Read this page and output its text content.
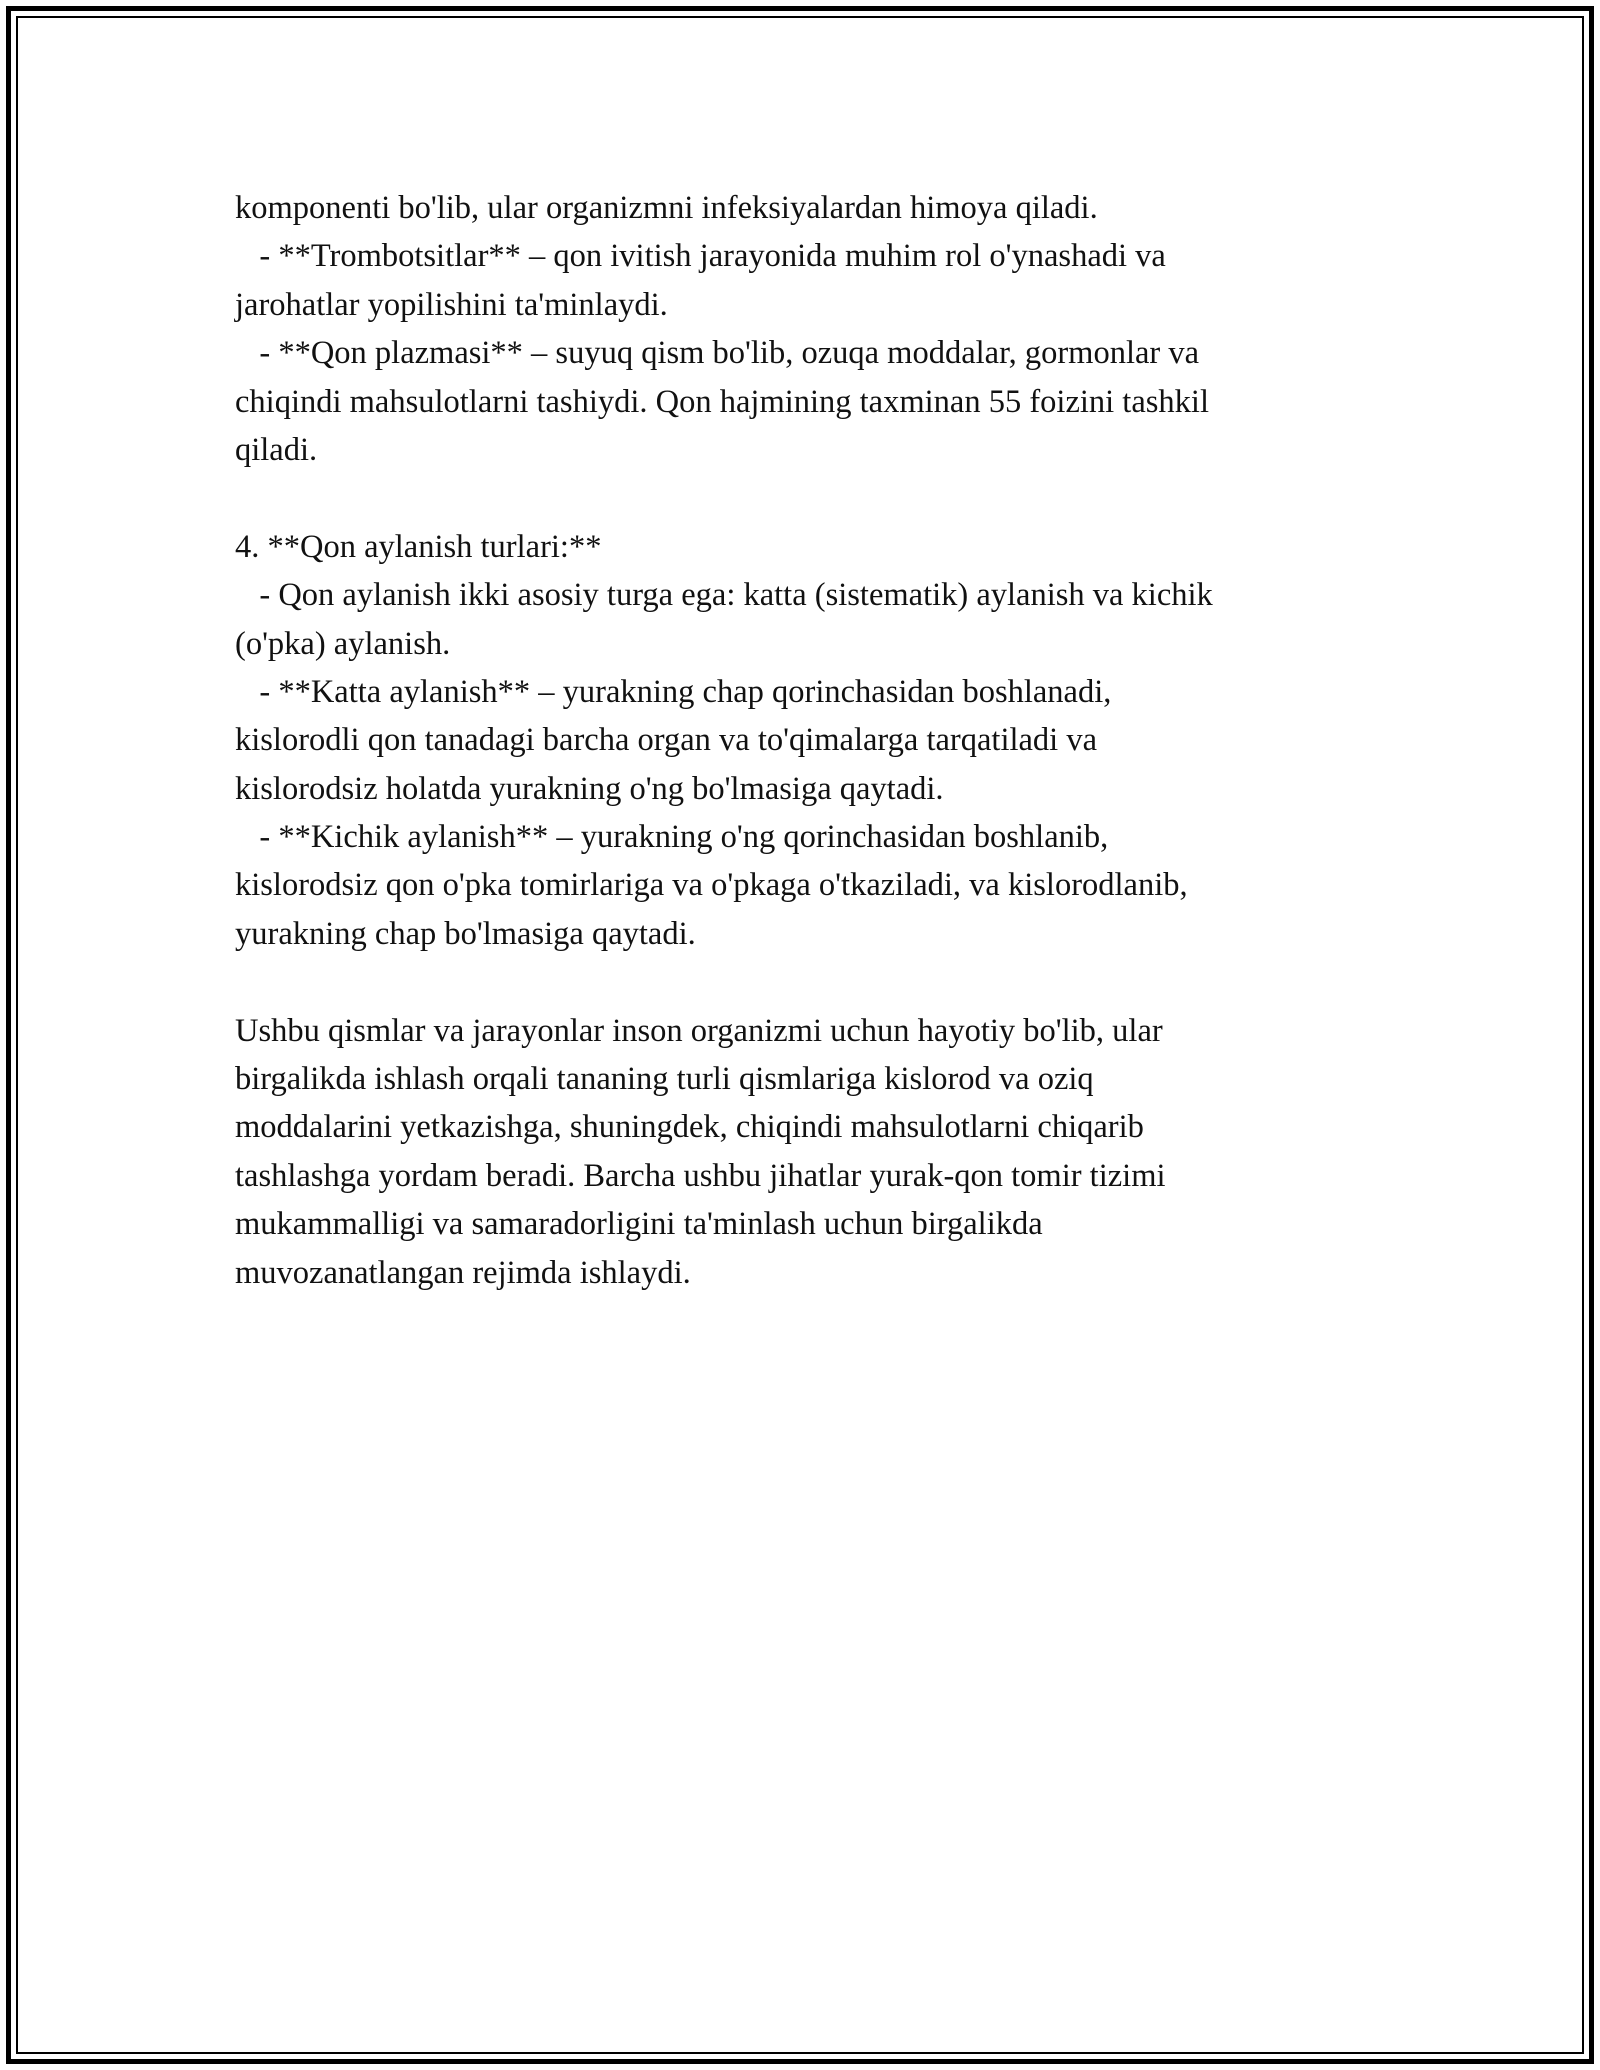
komponenti bo'lib, ular organizmni infeksiyalardan himoya qiladi.
- **Trombotsitlar** – qon ivitish jarayonida muhim rol o'ynashadi va
jarohatlar yopilishini ta'minlaydi.
- **Qon plazmasi** – suyuq qism bo'lib, ozuqa moddalar, gormonlar va
chiqindi mahsulotlarni tashiydi. Qon hajmining taxminan 55 foizini tashkil
qiladi.
4. **Qon aylanish turlari:**
- Qon aylanish ikki asosiy turga ega: katta (sistematik) aylanish va kichik
(o'pka) aylanish.
- **Katta aylanish** – yurakning chap qorinchasidan boshlanadi,
kislorodli qon tanadagi barcha organ va to'qimalarga tarqatiladi va
kislorodsiz holatda yurakning o'ng bo'lmasiga qaytadi.
- **Kichik aylanish** – yurakning o'ng qorinchasidan boshlanib,
kislorodsiz qon o'pka tomirlariga va o'pkaga o'tkaziladi, va kislorodlanib,
yurakning chap bo'lmasiga qaytadi.
Ushbu qismlar va jarayonlar inson organizmi uchun hayotiy bo'lib, ular
birgalikda ishlash orqali tananing turli qismlariga kislorod va oziq
moddalarini yetkazishga, shuningdek, chiqindi mahsulotlarni chiqarib
tashlashga yordam beradi. Barcha ushbu jihatlar yurak-qon tomir tizimi
mukammalligi va samaradorligini ta'minlash uchun birgalikda
muvozanatlangan rejimda ishlaydi.
